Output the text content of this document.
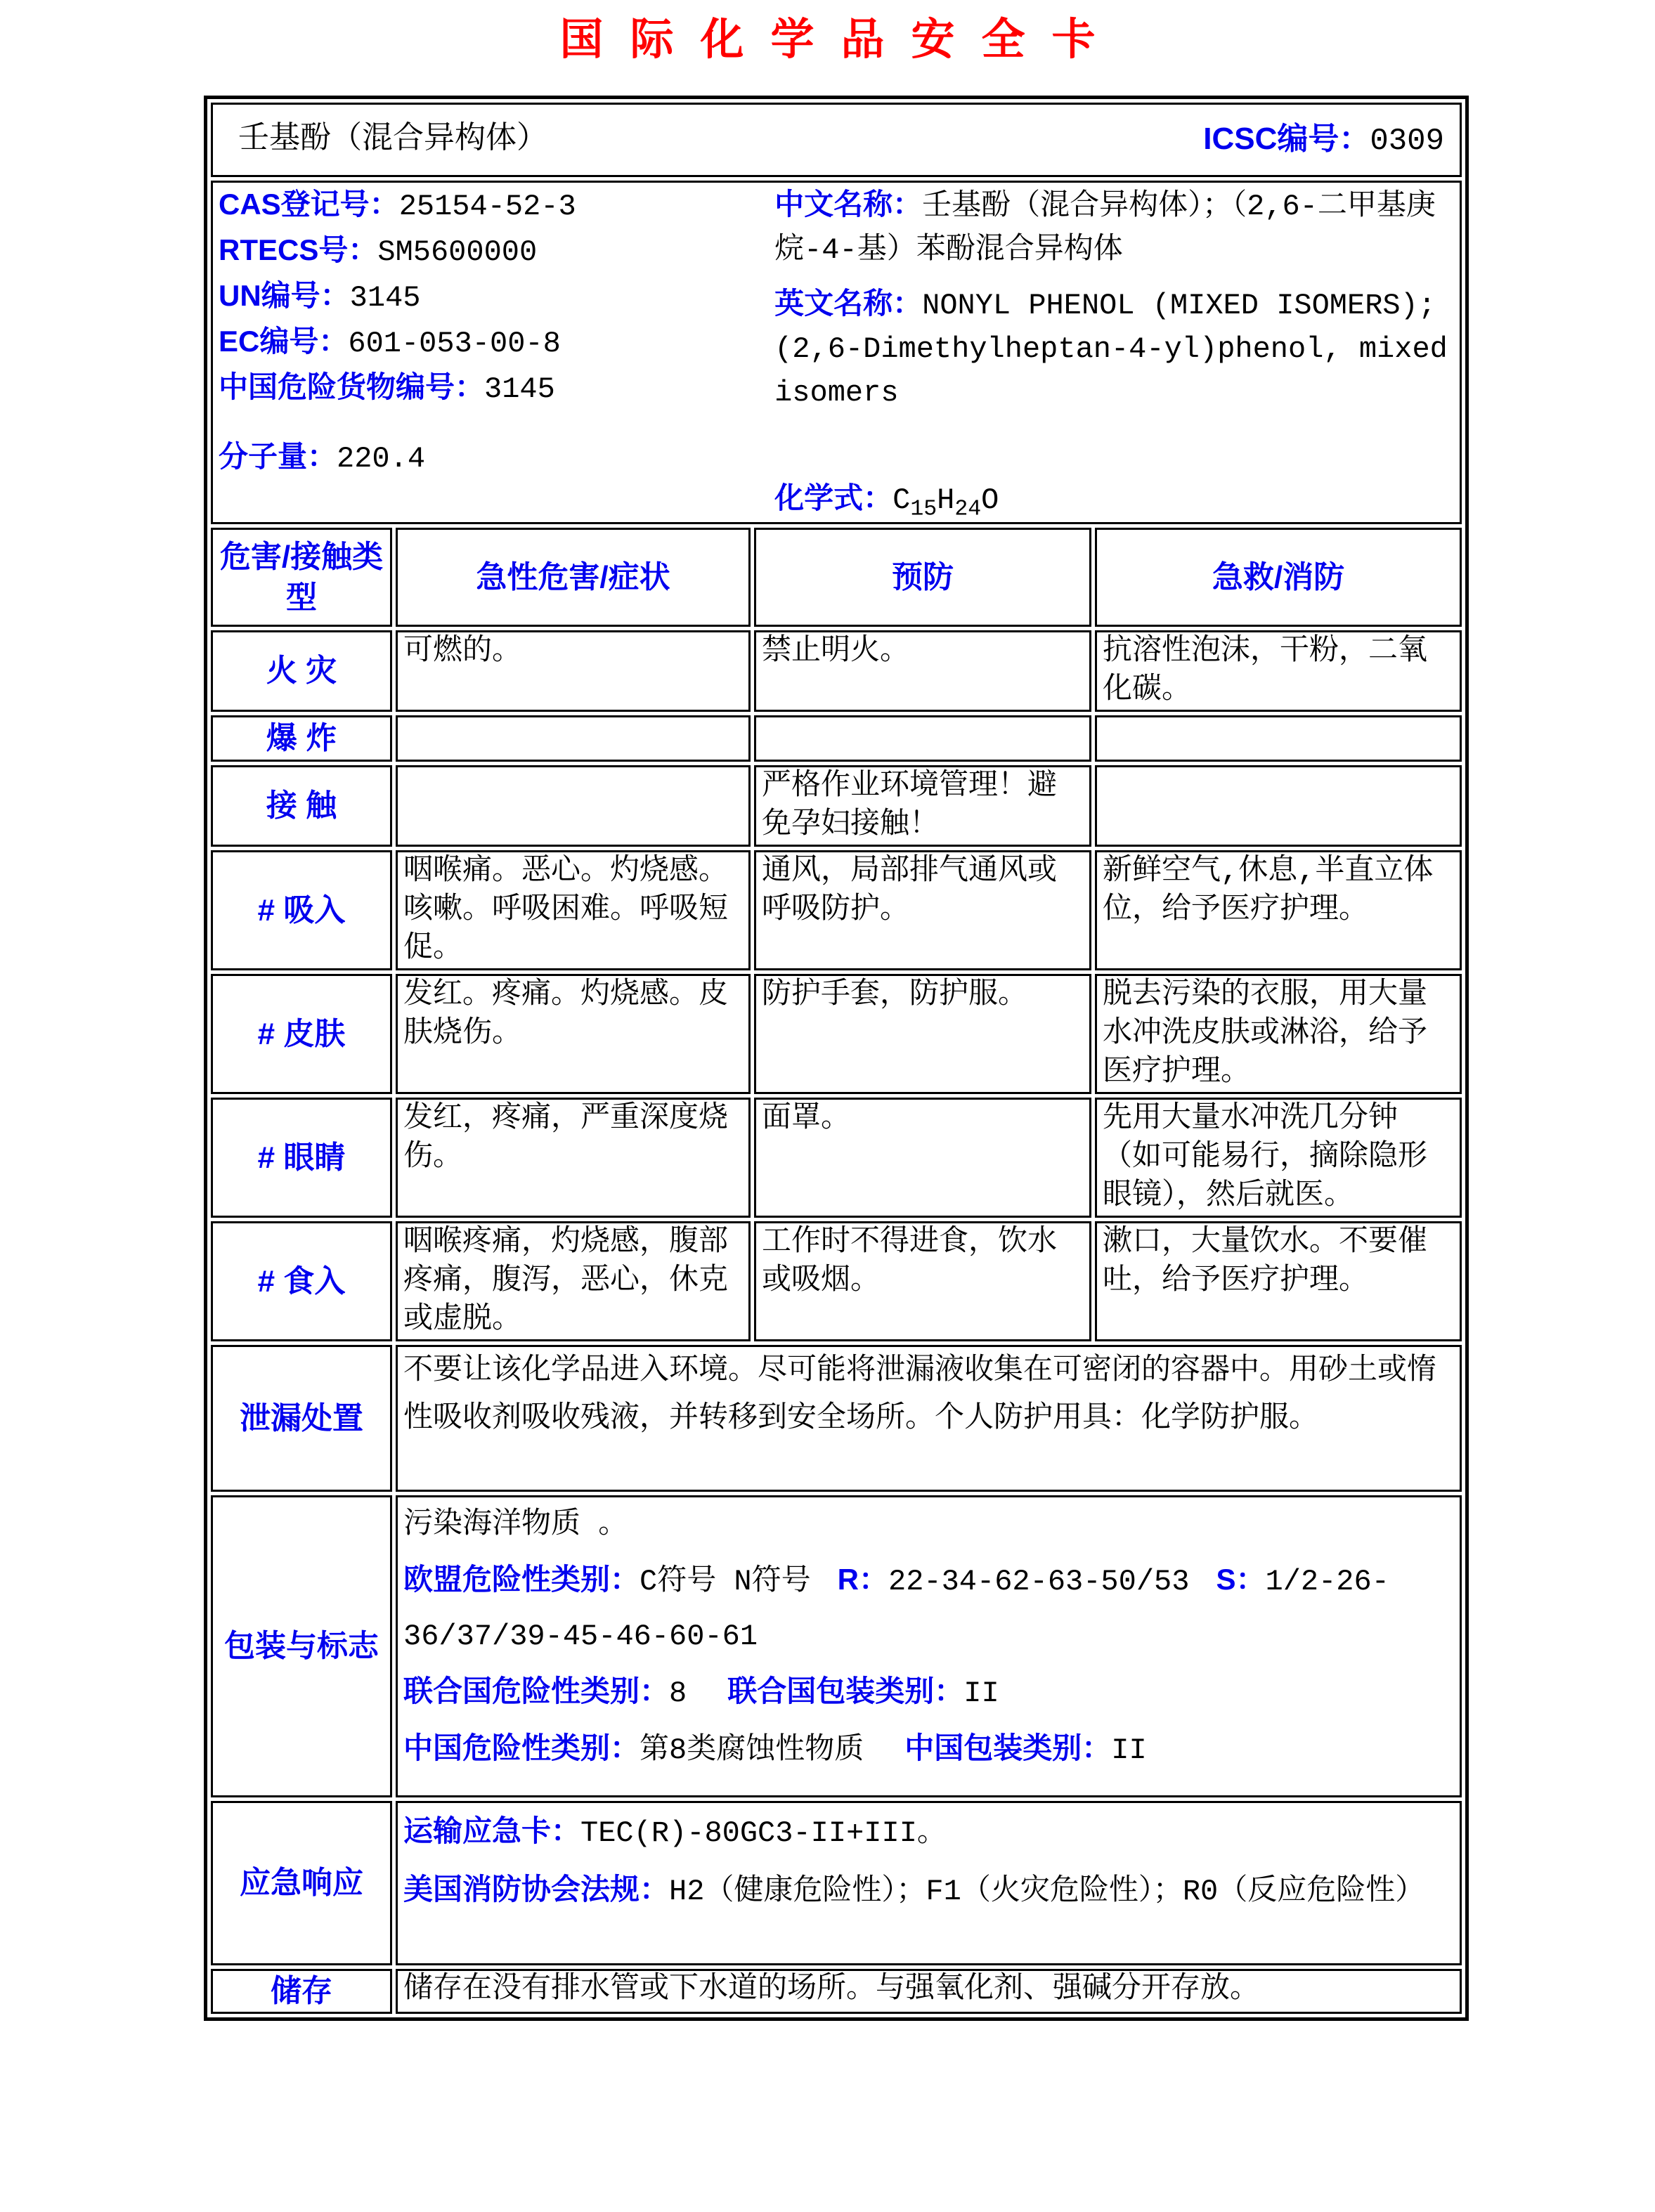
国际化学品安全卡
壬基酚（混合异构体） ICSC编号：0309			

CAS登记号：25154-52-3
RTECS号：SM5600000
UN编号：3145
EC编号：601-053-00-8
中国危险货物编号：3145
分子量：220.4
中文名称：壬基酚（混合异构体）；（2,6-二甲基庚烷-4-基）苯酚混合异构体
英文名称：NONYL PHENOL (MIXED ISOMERS); (2,6-Dimethylheptan-4-yl)phenol, mixed isomers
化学式：$C_{15}H_{24}O$

危害/接触类型	急性危害/症状	预防	急救/消防
火 灾	可燃的。	禁止明火。	抗溶性泡沫，干粉，二氧化碳。
爆 炸			
接 触		严格作业环境管理！避免孕妇接触！	
# 吸入	咽喉痛。恶心。灼烧感。咳嗽。呼吸困难。呼吸短促。	通风，局部排气通风或呼吸防护。	新鲜空气,休息,半直立体位，给予医疗护理。
# 皮肤	发红。疼痛。灼烧感。皮肤烧伤。	防护手套，防护服。	脱去污染的衣服，用大量水冲洗皮肤或淋浴，给予医疗护理。
# 眼睛	发红，疼痛，严重深度烧伤。	面罩。	先用大量水冲洗几分钟（如可能易行，摘除隐形眼镜），然后就医。
# 食入	咽喉疼痛，灼烧感，腹部疼痛，腹泻，恶心，休克或虚脱。	工作时不得进食，饮水或吸烟。	漱口，大量饮水。不要催吐，给予医疗护理。
泄漏处置	不要让该化学品进入环境。尽可能将泄漏液收集在可密闭的容器中。用砂土或惰性吸收剂吸收残液，并转移到安全场所。个人防护用具：化学防护服。		
包装与标志	污染海洋物质 。
欧盟危险性类别：C符号 N符号 R：22-34-62-63-50/53 S：1/2-26-36/37/39-45-46-60-61
联合国危险性类别：8 联合国包装类别：II
中国危险性类别：第8类腐蚀性物质 中国包装类别：II		

应急响应	运输应急卡：TEC(R)-80GC3-II+III。
美国消防协会法规：H2（健康危险性）；F1（火灾危险性）；R0（反应危险性）		

储存	储存在没有排水管或下水道的场所。与强氧化剂、强碱分开存放。		
